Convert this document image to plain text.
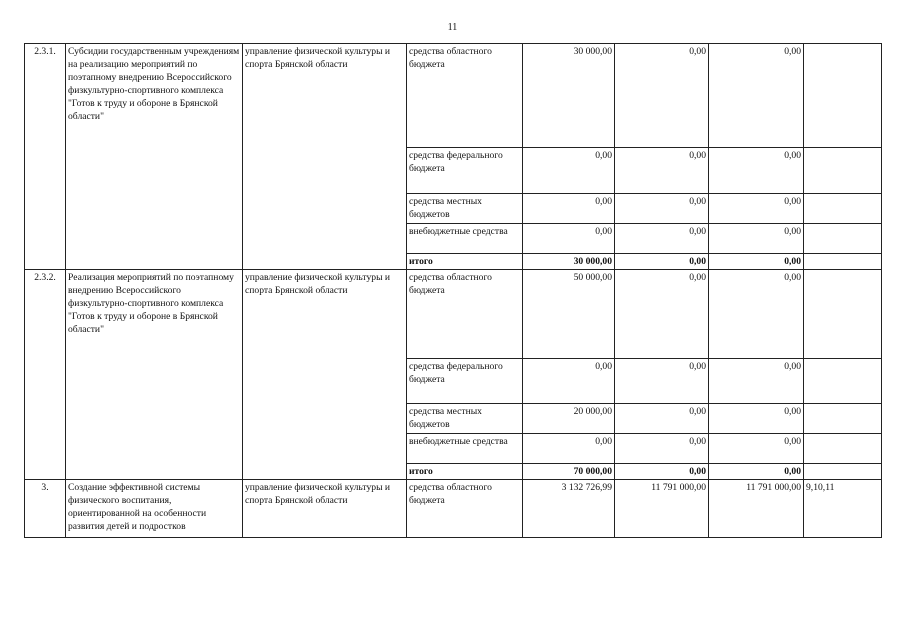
11
2.3.1.	Субсидии государственным учреждениям на реализацию мероприятий по поэтапному внедрению Всероссийского физкультурно-спортивного комплекса "Готов к труду и обороне в Брянской области"	управление физической культуры и спорта Брянской области	средства областного бюджета	30 000,00	0,00	0,00	
			средства федерального бюджета	0,00	0,00	0,00	
			средства местных бюджетов	0,00	0,00	0,00	
			внебюджетные средства	0,00	0,00	0,00	
			итого	30 000,00	0,00	0,00	
2.3.2.	Реализация мероприятий по поэтапному внедрению Всероссийского физкультурно-спортивного комплекса "Готов к труду и обороне в Брянской области"	управление физической культуры и спорта Брянской области	средства областного бюджета	50 000,00	0,00	0,00	
			средства федерального бюджета	0,00	0,00	0,00	
			средства местных бюджетов	20 000,00	0,00	0,00	
			внебюджетные средства	0,00	0,00	0,00	
			итого	70 000,00	0,00	0,00	
3.	Создание эффективной системы физического воспитания, ориентированной на особенности развития детей и подростков	управление физической культуры и спорта Брянской области	средства областного бюджета	3 132 726,99	11 791 000,00	11 791 000,00	9,10,11
